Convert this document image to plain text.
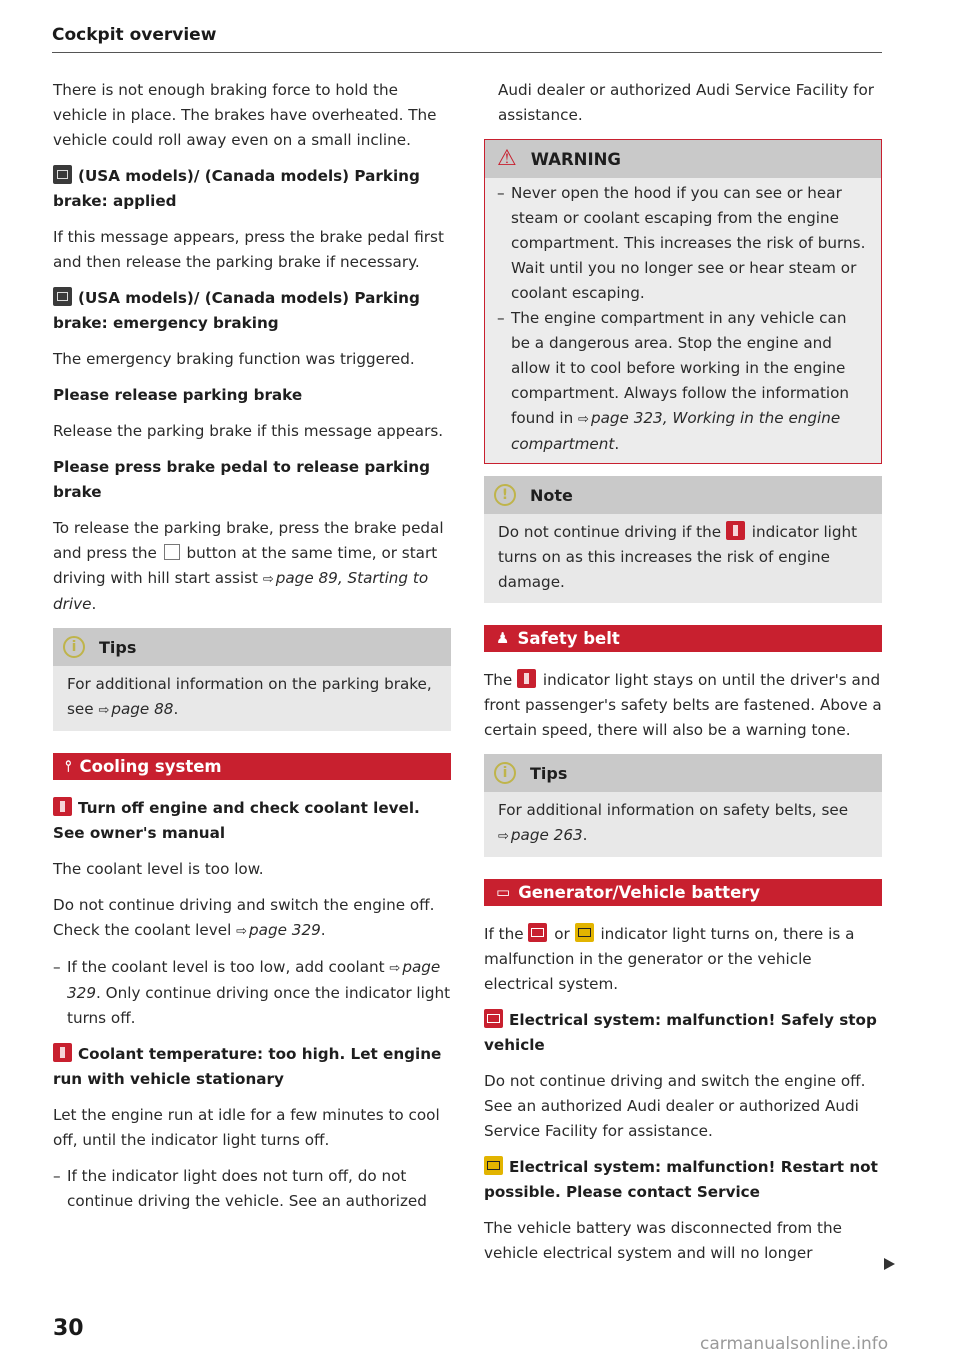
Cockpit overview

There is not enough braking force to hold the vehicle in place. The brakes have overheated. The vehicle could roll away even on a small incline.

(USA models)/ (Canada models) Parking brake: applied

If this message appears, press the brake pedal first and then release the parking brake if necessary.

(USA models)/ (Canada models) Parking brake: emergency braking

The emergency braking function was triggered.

Please release parking brake

Release the parking brake if this message appears.

Please press brake pedal to release parking brake

To release the parking brake, press the brake pedal and press the button at the same time, or start driving with hill start assist ⇨ page 89, Starting to drive.

i	Tips
For additional information on the parking brake, see ⇨ page 88.
⫯ Cooling system
Turn off engine and check coolant level. See owner's manual

The coolant level is too low.

Do not continue driving and switch the engine off. Check the coolant level ⇨ page 329.

– If the coolant level is too low, add coolant ⇨ page 329. Only continue driving once the indicator light turns off.
Coolant temperature: too high. Let engine run with vehicle stationary

Let the engine run at idle for a few minutes to cool off, until the indicator light turns off.

– If the indicator light does not turn off, do not continue driving the vehicle. See an authorized

Audi dealer or authorized Audi Service Facility for assistance.

⚠ WARNING
– Never open the hood if you can see or hear steam or coolant escaping from the engine compartment. This increases the risk of burns. Wait until you no longer see or hear steam or coolant escaping.
– The engine compartment in any vehicle can be a dangerous area. Stop the engine and allow it to cool before working in the engine compartment. Always follow the information found in ⇨ page 323, Working in the engine compartment.
!	Note
Do not continue driving if the indicator light turns on as this increases the risk of engine damage.
♟ Safety belt

The indicator light stays on until the driver's and front passenger's safety belts are fastened. Above a certain speed, there will also be a warning tone.

i	Tips
For additional information on safety belts, see ⇨ page 263.
▭ Generator/Vehicle battery

If the or indicator light turns on, there is a malfunction in the generator or the vehicle electrical system.

Electrical system: malfunction! Safely stop vehicle

Do not continue driving and switch the engine off. See an authorized Audi dealer or authorized Audi Service Facility for assistance.

Electrical system: malfunction! Restart not possible. Please contact Service

The vehicle battery was disconnected from the vehicle electrical system and will no longer

30
carmanualsonline.info
